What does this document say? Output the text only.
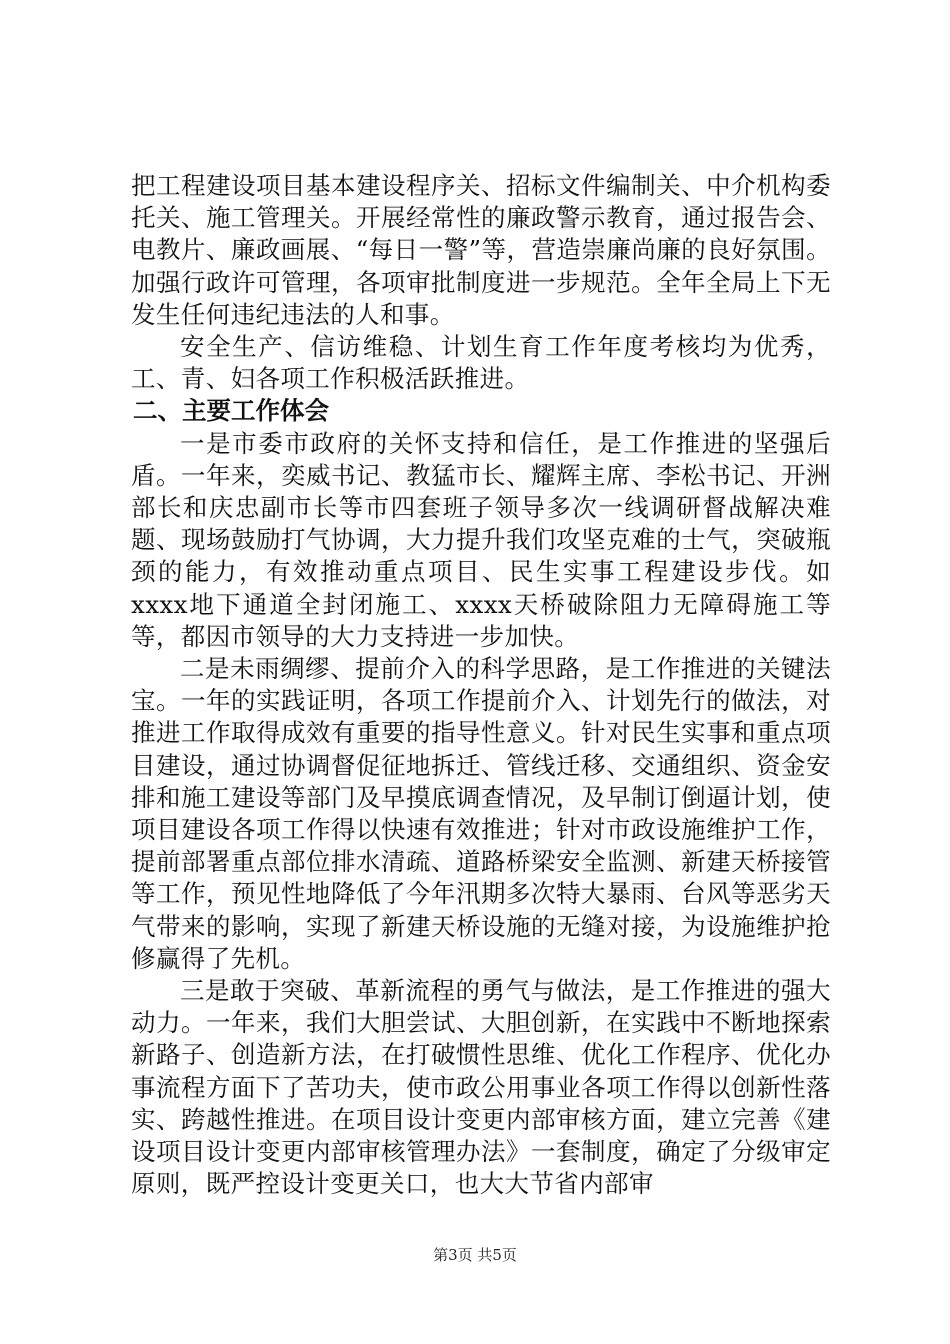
把工程建设项目基本建设程序关、招标文件编制关、中介机构委托关、施工管理关。开展经常性的廉政警示教育，通过报告会、电教片、廉政画展、“每日一警”等，营造崇廉尚廉的良好氛围。加强行政许可管理，各项审批制度进一步规范。全年全局上下无发生任何违纪违法的人和事。

安全生产、信访维稳、计划生育工作年度考核均为优秀，工、青、妇各项工作积极活跃推进。

二、主要工作体会

一是市委市政府的关怀支持和信任，是工作推进的坚强后盾。一年来，奕威书记、教猛市长、耀辉主席、李松书记、开洲部长和庆忠副市长等市四套班子领导多次一线调研督战解决难题、现场鼓励打气协调，大力提升我们攻坚克难的士气，突破瓶颈的能力，有效推动重点项目、民生实事工程建设步伐。如xxxx地下通道全封闭施工、xxxx天桥破除阻力无障碍施工等等，都因市领导的大力支持进一步加快。

二是未雨绸缪、提前介入的科学思路，是工作推进的关键法宝。一年的实践证明，各项工作提前介入、计划先行的做法，对推进工作取得成效有重要的指导性意义。针对民生实事和重点项目建设，通过协调督促征地拆迁、管线迁移、交通组织、资金安排和施工建设等部门及早摸底调查情况，及早制订倒逼计划，使项目建设各项工作得以快速有效推进；针对市政设施维护工作，提前部署重点部位排水清疏、道路桥梁安全监测、新建天桥接管等工作，预见性地降低了今年汛期多次特大暴雨、台风等恶劣天气带来的影响，实现了新建天桥设施的无缝对接，为设施维护抢修赢得了先机。

三是敢于突破、革新流程的勇气与做法，是工作推进的强大动力。一年来，我们大胆尝试、大胆创新，在实践中不断地探索新路子、创造新方法，在打破惯性思维、优化工作程序、优化办事流程方面下了苦功夫，使市政公用事业各项工作得以创新性落实、跨越性推进。在项目设计变更内部审核方面，建立完善《建设项目设计变更内部审核管理办法》一套制度，确定了分级审定原则，既严控设计变更关口，也大大节省内部审

第3页 共5页
